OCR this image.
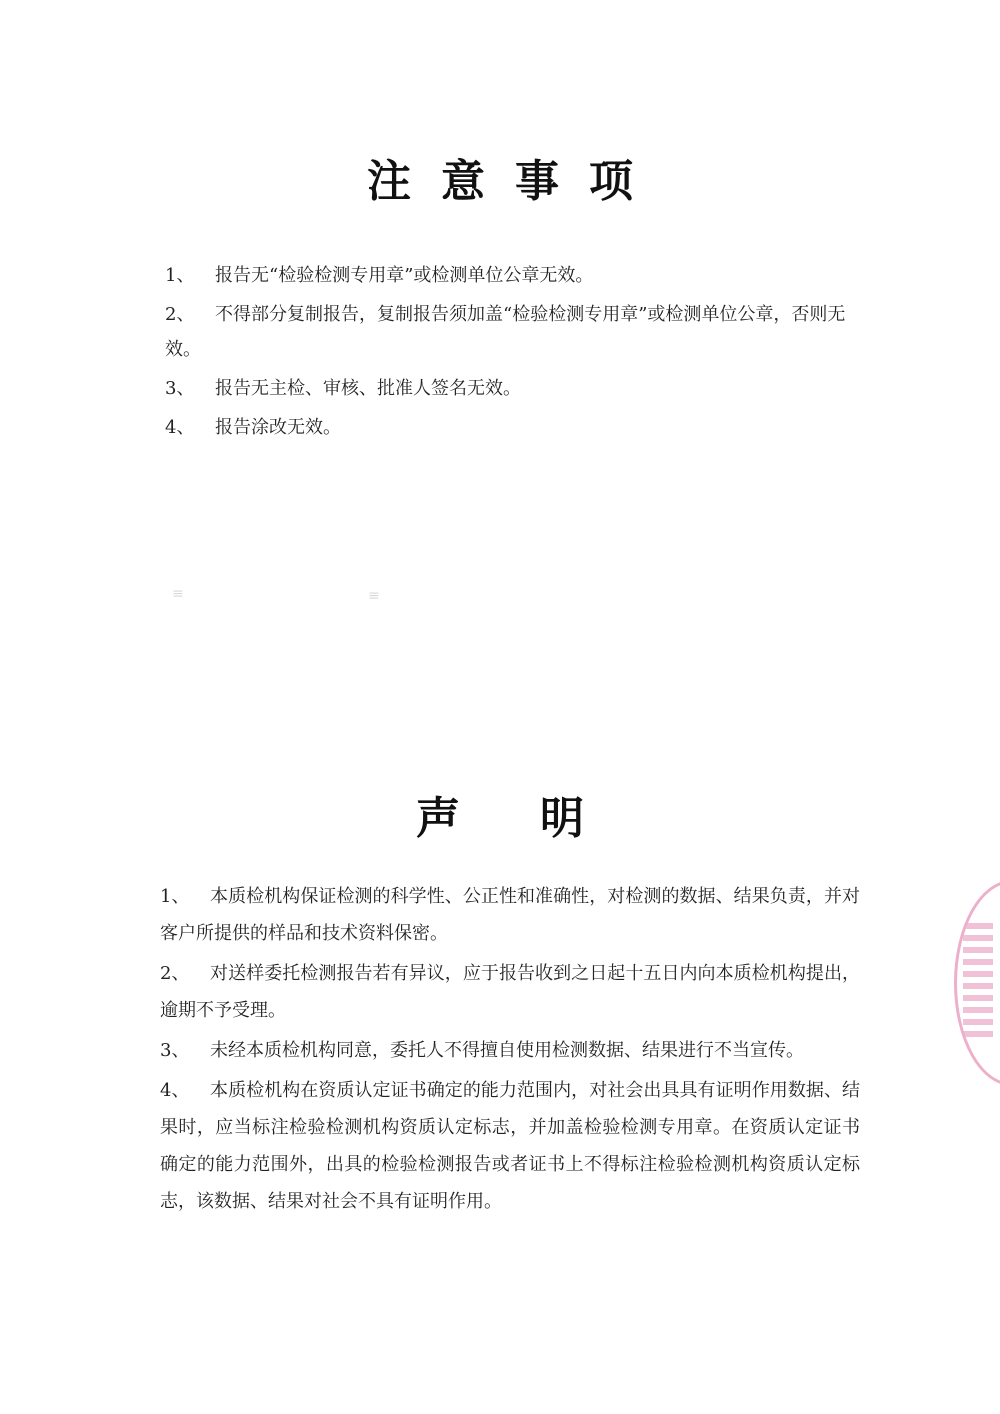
注意事项
1、 报告无“检验检测专用章”或检测单位公章无效。
2、 不得部分复制报告，复制报告须加盖“检验检测专用章”或检测单位公章，否则无效。
3、 报告无主检、审核、批准人签名无效。
4、 报告涂改无效。
≡	≡
声明
1、 本质检机构保证检测的科学性、公正性和准确性，对检测的数据、结果负责，并对客户所提供的样品和技术资料保密。
2、 对送样委托检测报告若有异议，应于报告收到之日起十五日内向本质检机构提出，逾期不予受理。
3、 未经本质检机构同意，委托人不得擅自使用检测数据、结果进行不当宣传。
4、 本质检机构在资质认定证书确定的能力范围内，对社会出具具有证明作用数据、结果时，应当标注检验检测机构资质认定标志，并加盖检验检测专用章。在资质认定证书确定的能力范围外，出具的检验检测报告或者证书上不得标注检验检测机构资质认定标志，该数据、结果对社会不具有证明作用。
